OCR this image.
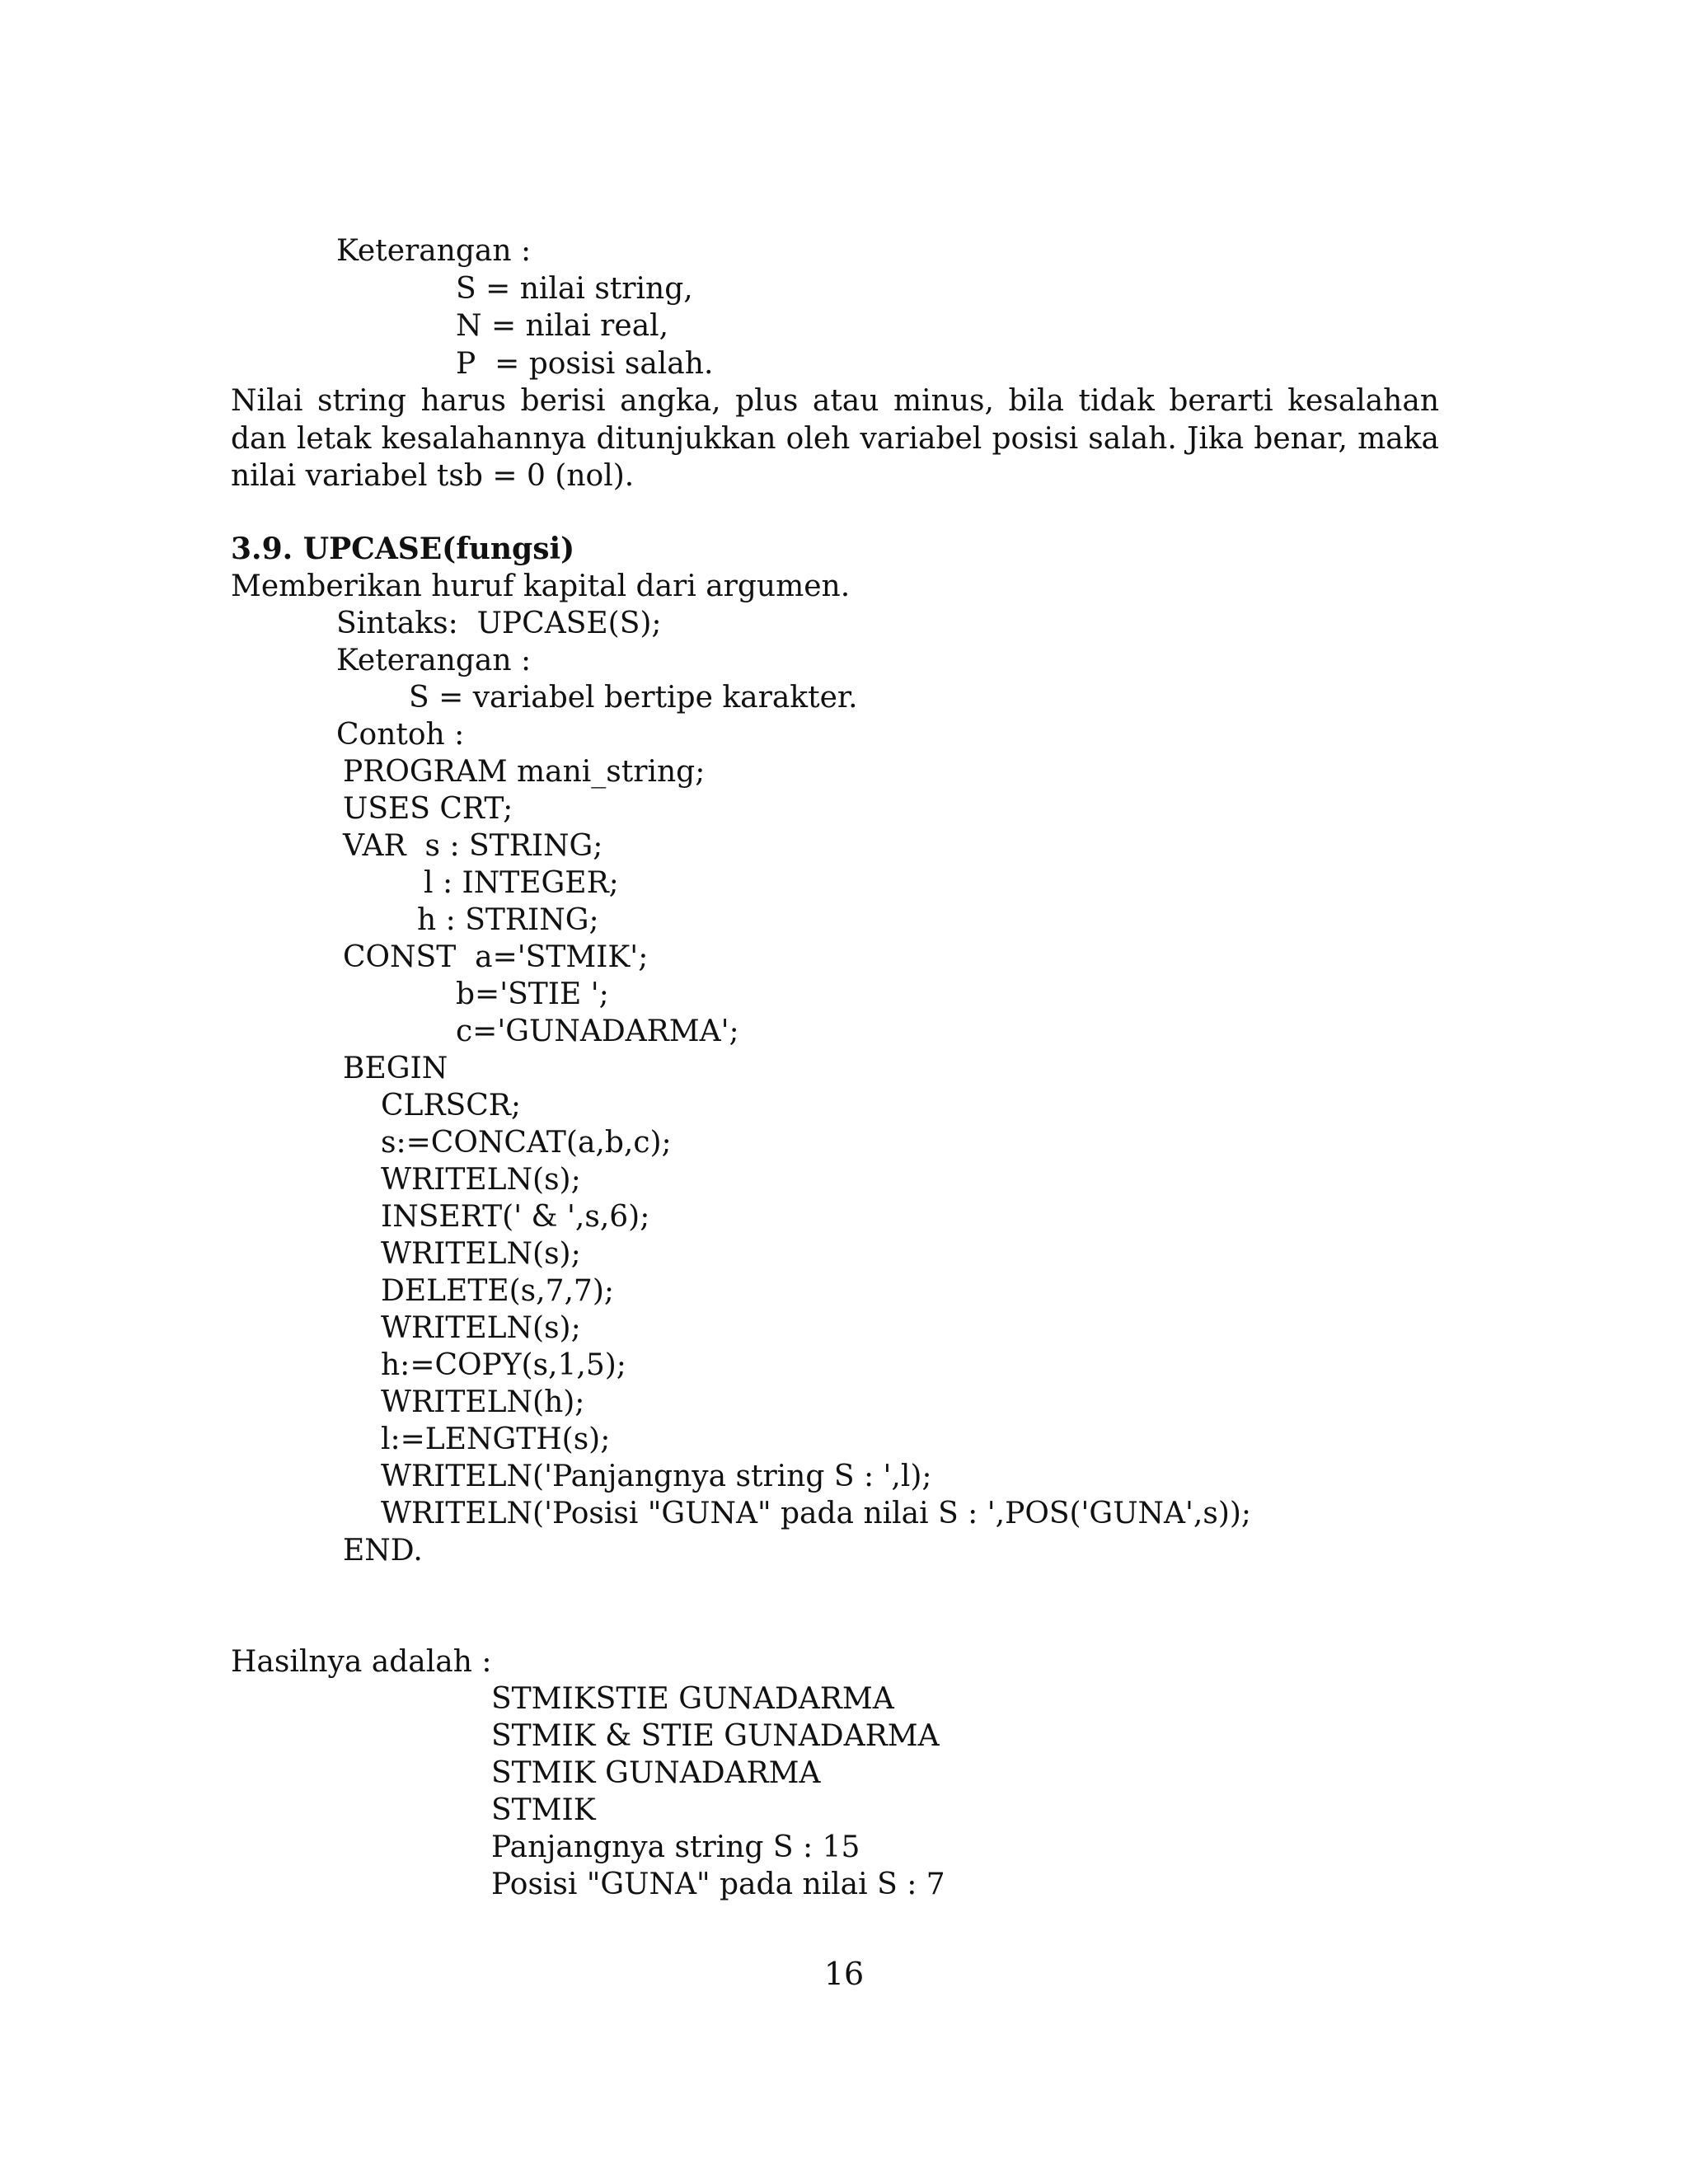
Keterangan :
S = nilai string,
N = nilai real,
P  = posisi salah.
Nilai string harus berisi angka, plus atau minus, bila tidak berarti kesalahan dan letak kesalahannya ditunjukkan oleh variabel posisi salah. Jika benar, maka nilai variabel tsb = 0 (nol).
3.9. UPCASE(fungsi)
Memberikan huruf kapital dari argumen.
Sintaks:  UPCASE(S);
Keterangan :
S = variabel bertipe karakter.
Contoh :
PROGRAM mani_string;
USES CRT;
VAR  s : STRING;
l : INTEGER;
h : STRING;
CONST  a='STMIK';
b='STIE ';
c='GUNADARMA';
BEGIN
CLRSCR;
s:=CONCAT(a,b,c);
WRITELN(s);
INSERT(' & ',s,6);
WRITELN(s);
DELETE(s,7,7);
WRITELN(s);
h:=COPY(s,1,5);
WRITELN(h);
l:=LENGTH(s);
WRITELN('Panjangnya string S : ',l);
WRITELN('Posisi "GUNA" pada nilai S : ',POS('GUNA',s));
END.
Hasilnya adalah :
STMIKSTIE GUNADARMA
STMIK & STIE GUNADARMA
STMIK GUNADARMA
STMIK
Panjangnya string S : 15
Posisi "GUNA" pada nilai S : 7
16
